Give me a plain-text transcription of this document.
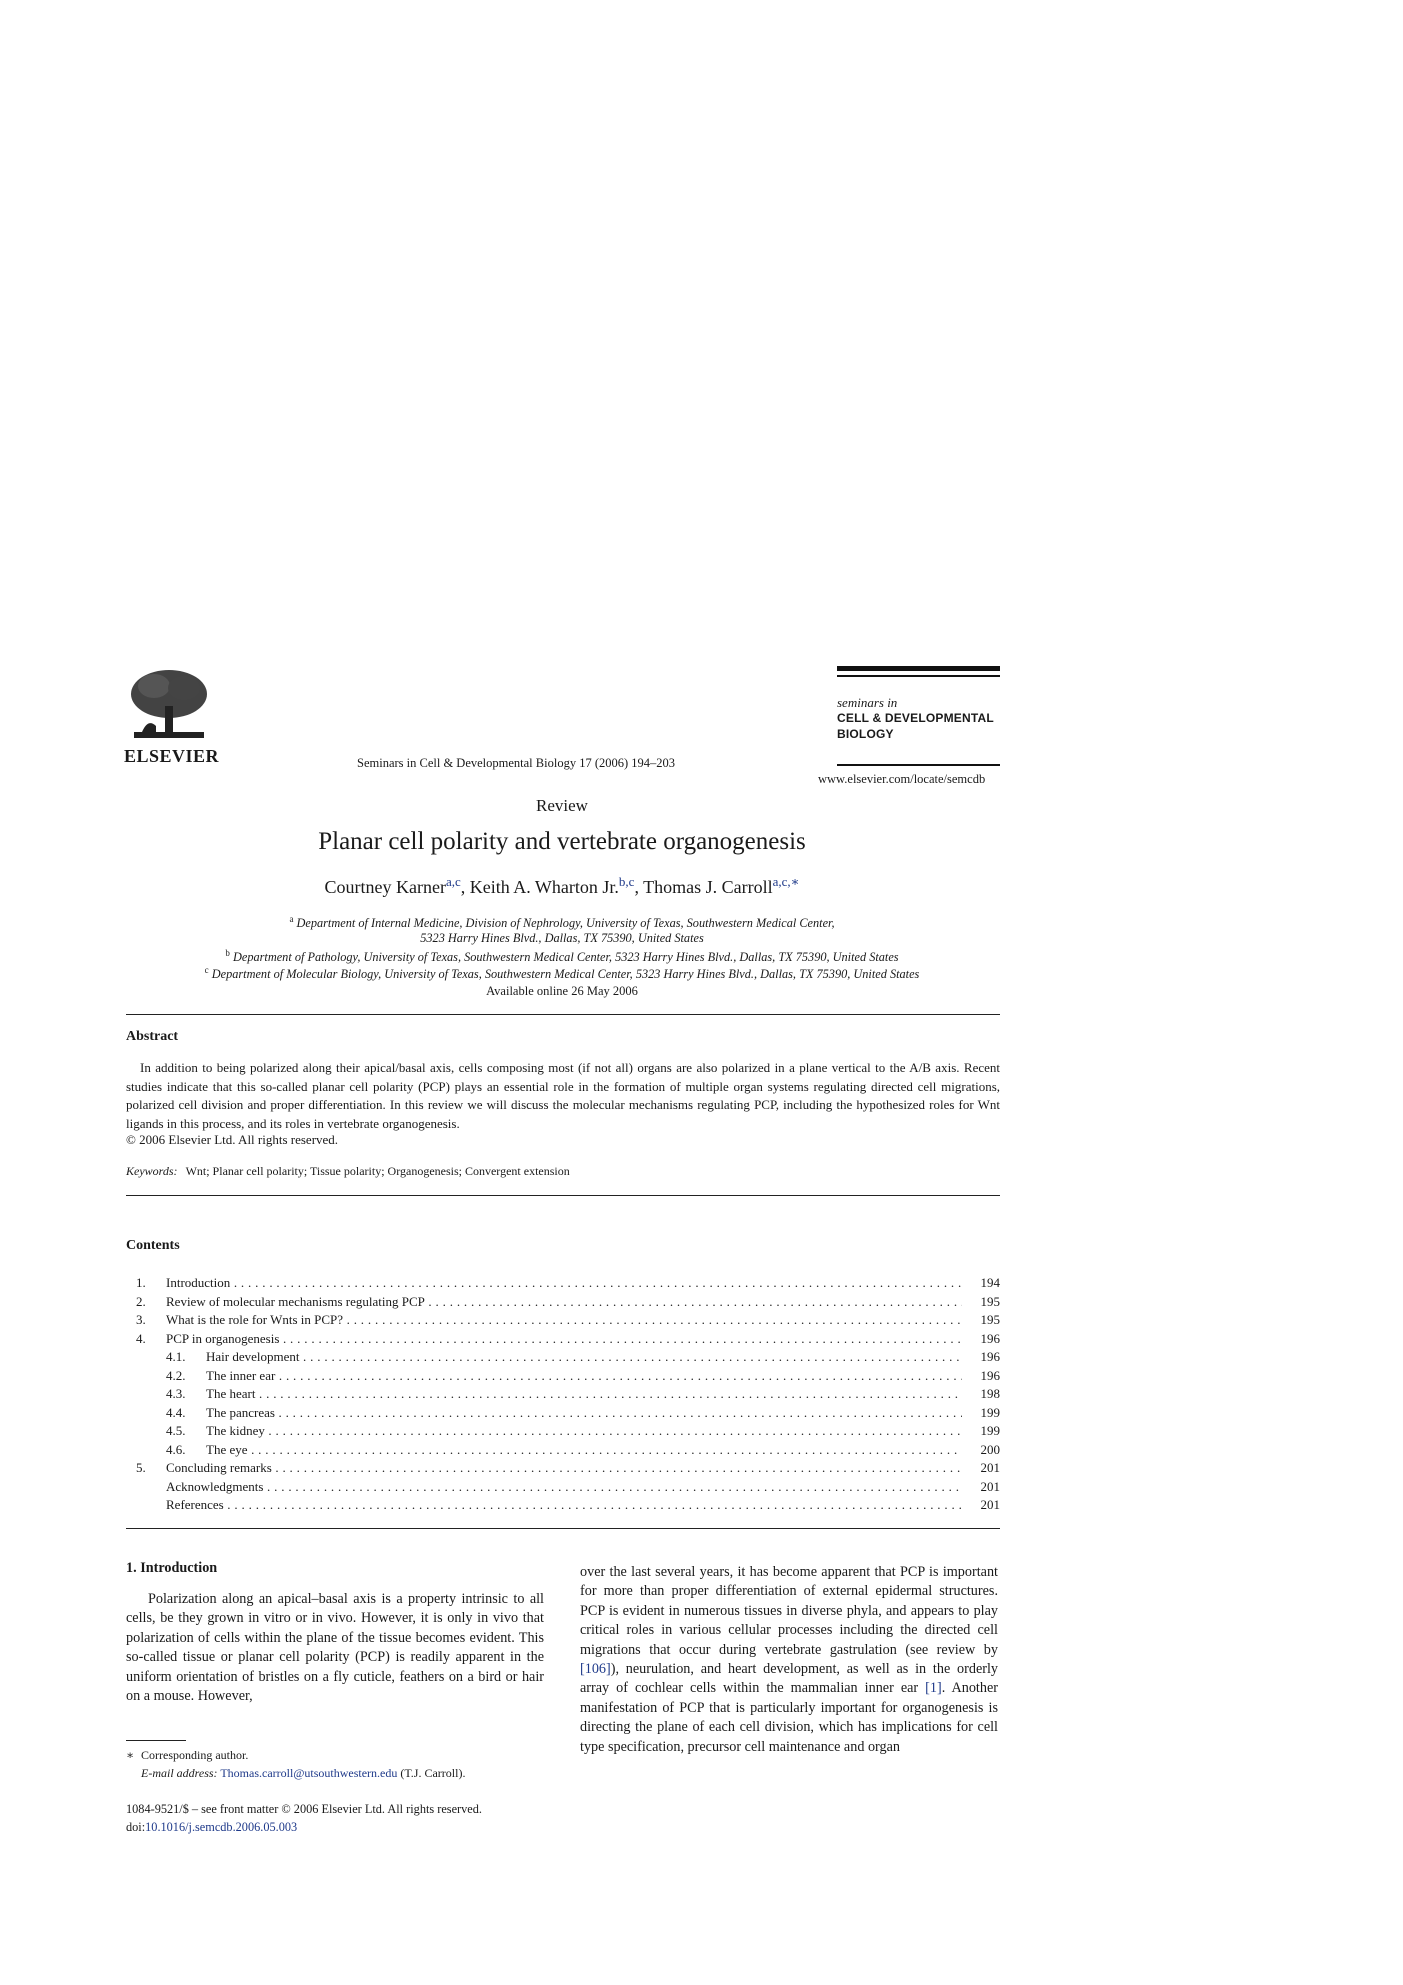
ELSEVIER	Seminars in Cell & Developmental Biology 17 (2006) 194–203
seminars in
CELL & DEVELOPMENTAL
BIOLOGY
www.elsevier.com/locate/semcdb
Review
Planar cell polarity and vertebrate organogenesis
Courtney Karner$^{a,c}$, Keith A. Wharton Jr.$^{b,c}$, Thomas J. Carroll$^{a,c,∗}$
$^a$ Department of Internal Medicine, Division of Nephrology, University of Texas, Southwestern Medical Center,
5323 Harry Hines Blvd., Dallas, TX 75390, United States
$^b$ Department of Pathology, University of Texas, Southwestern Medical Center, 5323 Harry Hines Blvd., Dallas, TX 75390, United States
$^c$ Department of Molecular Biology, University of Texas, Southwestern Medical Center, 5323 Harry Hines Blvd., Dallas, TX 75390, United States
Available online 26 May 2006
Abstract
In addition to being polarized along their apical/basal axis, cells composing most (if not all) organs are also polarized in a plane vertical to the A/B axis. Recent studies indicate that this so-called planar cell polarity (PCP) plays an essential role in the formation of multiple organ systems regulating directed cell migrations, polarized cell division and proper differentiation. In this review we will discuss the molecular mechanisms regulating PCP, including the hypothesized roles for Wnt ligands in this process, and its roles in vertebrate organogenesis.
© 2006 Elsevier Ltd. All rights reserved.
Keywords: Wnt; Planar cell polarity; Tissue polarity; Organogenesis; Convergent extension
Contents
1. Introduction . . .	194
2. Review of molecular mechanisms regulating PCP . . .	195
3. What is the role for Wnts in PCP? . . .	195
4. PCP in organogenesis . . .	196
4.1. Hair development . . .	196
4.2. The inner ear . . .	196
4.3. The heart . . .	198
4.4. The pancreas . . .	199
4.5. The kidney . . .	199
4.6. The eye . . .	200
5. Concluding remarks . . .	201
Acknowledgments . . .	201
References . . .	201
1. Introduction
Polarization along an apical–basal axis is a property intrinsic to all cells, be they grown in vitro or in vivo. However, it is only in vivo that polarization of cells within the plane of the tissue becomes evident. This so-called tissue or planar cell polarity (PCP) is readily apparent in the uniform orientation of bristles on a fly cuticle, feathers on a bird or hair on a mouse. However,
over the last several years, it has become apparent that PCP is important for more than proper differentiation of external epidermal structures. PCP is evident in numerous tissues in diverse phyla, and appears to play critical roles in various cellular processes including the directed cell migrations that occur during vertebrate gastrulation (see review by [106]), neurulation, and heart development, as well as in the orderly array of cochlear cells within the mammalian inner ear [1]. Another manifestation of PCP that is particularly important for organogenesis is directing the plane of each cell division, which has implications for cell type specification, precursor cell maintenance and organ
∗ Corresponding author.
E-mail address: Thomas.carroll@utsouthwestern.edu (T.J. Carroll).
1084-9521/$ – see front matter © 2006 Elsevier Ltd. All rights reserved.
doi:10.1016/j.semcdb.2006.05.003
